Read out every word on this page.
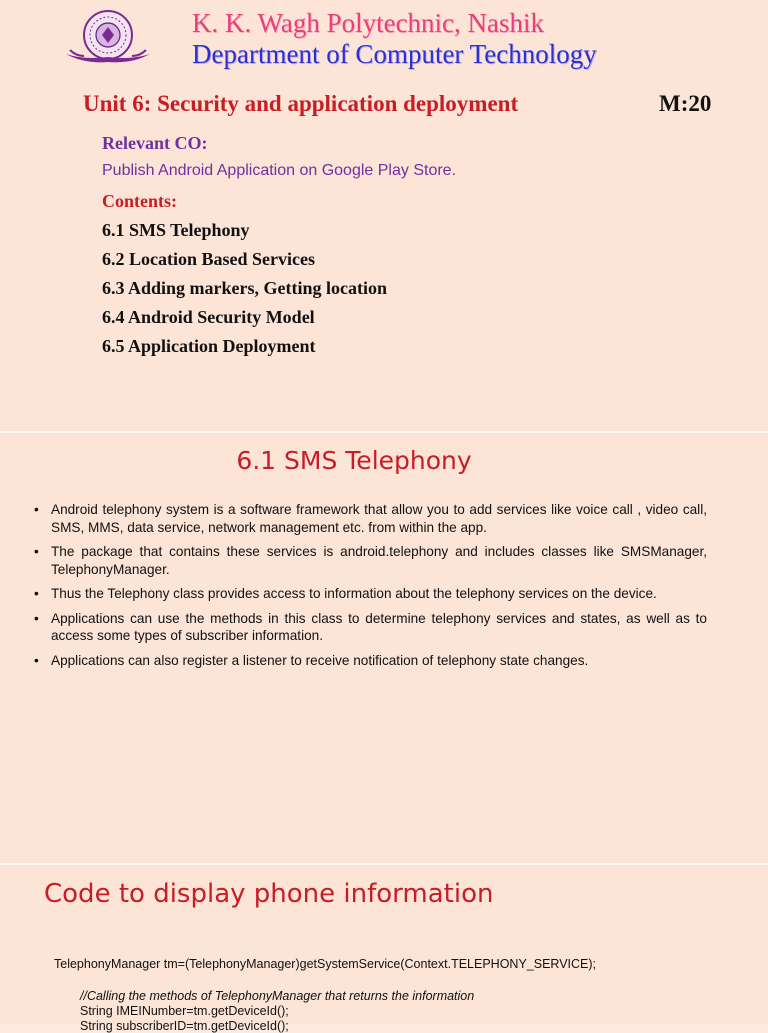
K. K. Wagh Polytechnic, Nashik
Department of Computer Technology
Unit 6: Security and application deployment	M:20
Relevant CO:
Publish Android Application on Google Play Store.
Contents:
6.1 SMS Telephony
6.2 Location Based Services
6.3 Adding markers, Getting location
6.4 Android Security Model
6.5 Application Deployment
6.1 SMS Telephony
• Android telephony system is a software framework that allow you to add services like voice call , video call, SMS, MMS, data service, network management etc. from within the app.
• The package that contains these services is android.telephony and includes classes like SMSManager, TelephonyManager.
• Thus the Telephony class provides access to information about the telephony services on the device.
• Applications can use the methods in this class to determine telephony services and states, as well as to access some types of subscriber information.
• Applications can also register a listener to receive notification of telephony state changes.
Code to display phone information
TelephonyManager tm=(TelephonyManager)getSystemService(Context.TELEPHONY_SERVICE);
//Calling the methods of TelephonyManager that returns the information
String IMEINumber=tm.getDeviceId();
String subscriberID=tm.getDeviceId();
